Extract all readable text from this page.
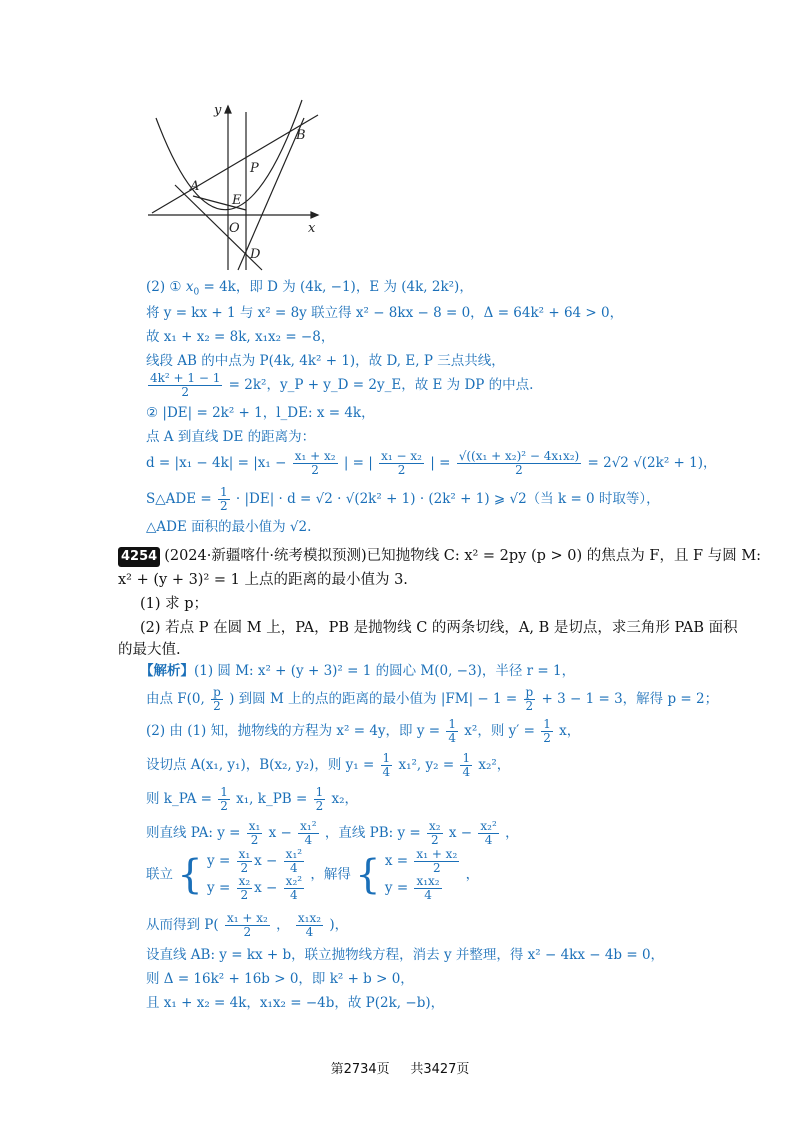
y
x
B
P
A
E
O
D
(2) ① $x_0 = 4k$，即 D 为 (4k, −1)，E 为 (4k, 2k²)，
将 y = kx + 1 与 x² = 8y 联立得 x² − 8kx − 8 = 0，Δ = 64k² + 64 > 0，
故 x₁ + x₂ = 8k, x₁x₂ = −8，
线段 AB 的中点为 P(4k, 4k² + 1)，故 D, E, P 三点共线，
$\frac{\text{4k² + 1 − 1}}{2} = 2k^2$，y_P + y_D = 2y_E，故 E 为 DP 的中点.
② |DE| = 2k² + 1，l_DE: x = 4k，
点 A 到直线 DE 的距离为：
$d = |x_1 - 4k| = |x_1 - \frac{\text{x₁ + x₂}}{2}$ | = | $\frac{\text{x₁ − x₂}}{2}$ | = $\frac{\text{√((x₁ + x₂)² − 4x₁x₂)}}{2} = 2√2$ √(2k² + 1)，
S△ADE = $\frac{1}{2} \cdot |DE| \cdot d = √2 \cdot √(2k^2 + 1) \cdot (2k^2 + 1)$ ⩾ √2（当 k = 0 时取等），
△ADE 面积的最小值为 √2.
4254 (2024·新疆喀什·统考模拟预测)已知抛物线 C: x² = 2py (p > 0) 的焦点为 F，且 F 与圆 M:
x² + (y + 3)² = 1 上点的距离的最小值为 3.
(1) 求 p；
(2) 若点 P 在圆 M 上，PA，PB 是抛物线 C 的两条切线，A, B 是切点，求三角形 PAB 面积
的最大值.
【解析】(1) 圆 M: x² + (y + 3)² = 1 的圆心 M(0, −3)，半径 r = 1，
由点 F(0, $\frac{p}{2}$ ) 到圆 M 上的点的距离的最小值为 $|FM| - 1 = \frac{p}{2} + 3 - 1 = 3$，解得 p = 2；
(2) 由 (1) 知，抛物线的方程为 x² = 4y，即 $y = \frac{1}{4} x^2$，则 $y' = \frac{1}{2}$ x，
设切点 A(x₁, y₁)，B(x₂, y₂)，则 $y_1 = \frac{1}{4} x_1^2$, $y_2 = \frac{1}{4} x_2^2$，
则 k_PA = $\frac{1}{2} x_1$, k_PB = $\frac{1}{2} x_2$，
则直线 PA: $y = \frac{\text{x₁}}{2}$ $x - \frac{\text{x₁²}}{4}$ ，直线 PB: $y = \frac{\text{x₂}}{2}$ $x - \frac{\text{x₂²}}{4}$ ，
联立 { $y = \frac{\text{x₁}}{2}$ $x - \frac{\text{x₁²}}{4}$
$y = \frac{\text{x₂}}{2}$ $x - \frac{\text{x₂²}}{4}$
，解得 { $x = \frac{\text{x₁ + x₂}}{2}$
$y = \frac{\text{x₁x₂}}{4}$
，
从而得到 $P( \frac{\text{x₁ + x₂}}{2}$ ， $\frac{\text{x₁x₂}}{4}$ )，
设直线 AB: y = kx + b，联立抛物线方程，消去 y 并整理，得 x² − 4kx − 4b = 0，
则 Δ = 16k² + 16b > 0，即 k² + b > 0，
且 x₁ + x₂ = 4k，x₁x₂ = −4b，故 P(2k, −b)，
第2734页 共3427页
